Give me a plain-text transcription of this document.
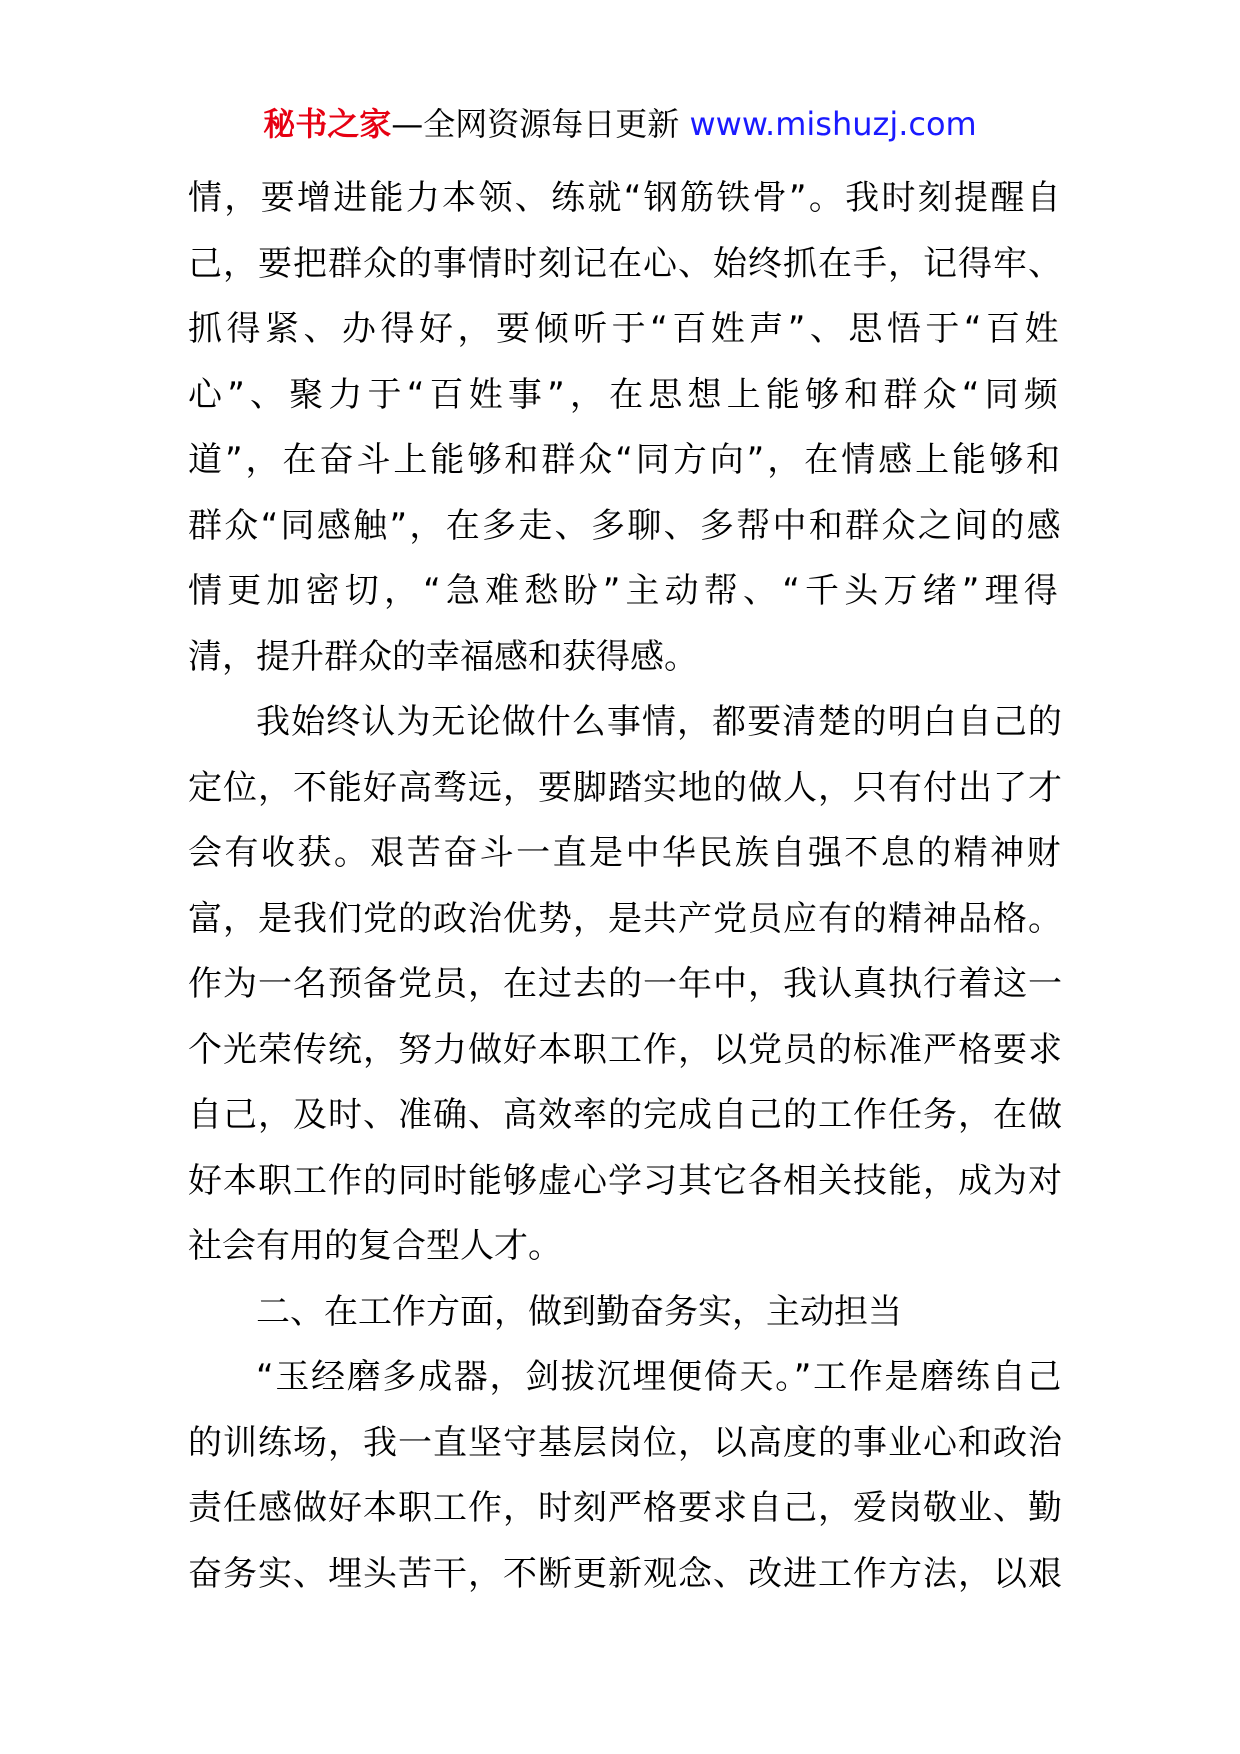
秘书之家—全网资源每日更新 www.mishuzj.com
情，要增进能力本领、练就“钢筋铁骨”。我时刻提醒自
己，要把群众的事情时刻记在心、始终抓在手，记得牢、
抓得紧、办得好，要倾听于“百姓声”、思悟于“百姓
心”、聚力于“百姓事”，在思想上能够和群众“同频
道”，在奋斗上能够和群众“同方向”，在情感上能够和
群众“同感触”，在多走、多聊、多帮中和群众之间的感
情更加密切，“急难愁盼”主动帮、“千头万绪”理得
清，提升群众的幸福感和获得感。
我始终认为无论做什么事情，都要清楚的明白自己的
定位，不能好高骛远，要脚踏实地的做人，只有付出了才
会有收获。艰苦奋斗一直是中华民族自强不息的精神财
富，是我们党的政治优势，是共产党员应有的精神品格。
作为一名预备党员，在过去的一年中，我认真执行着这一
个光荣传统，努力做好本职工作，以党员的标准严格要求
自己，及时、准确、高效率的完成自己的工作任务，在做
好本职工作的同时能够虚心学习其它各相关技能，成为对
社会有用的复合型人才。
二、在工作方面，做到勤奋务实，主动担当
“玉经磨多成器，剑拔沉埋便倚天。”工作是磨练自己
的训练场，我一直坚守基层岗位，以高度的事业心和政治
责任感做好本职工作，时刻严格要求自己，爱岗敬业、勤
奋务实、埋头苦干，不断更新观念、改进工作方法，以艰
